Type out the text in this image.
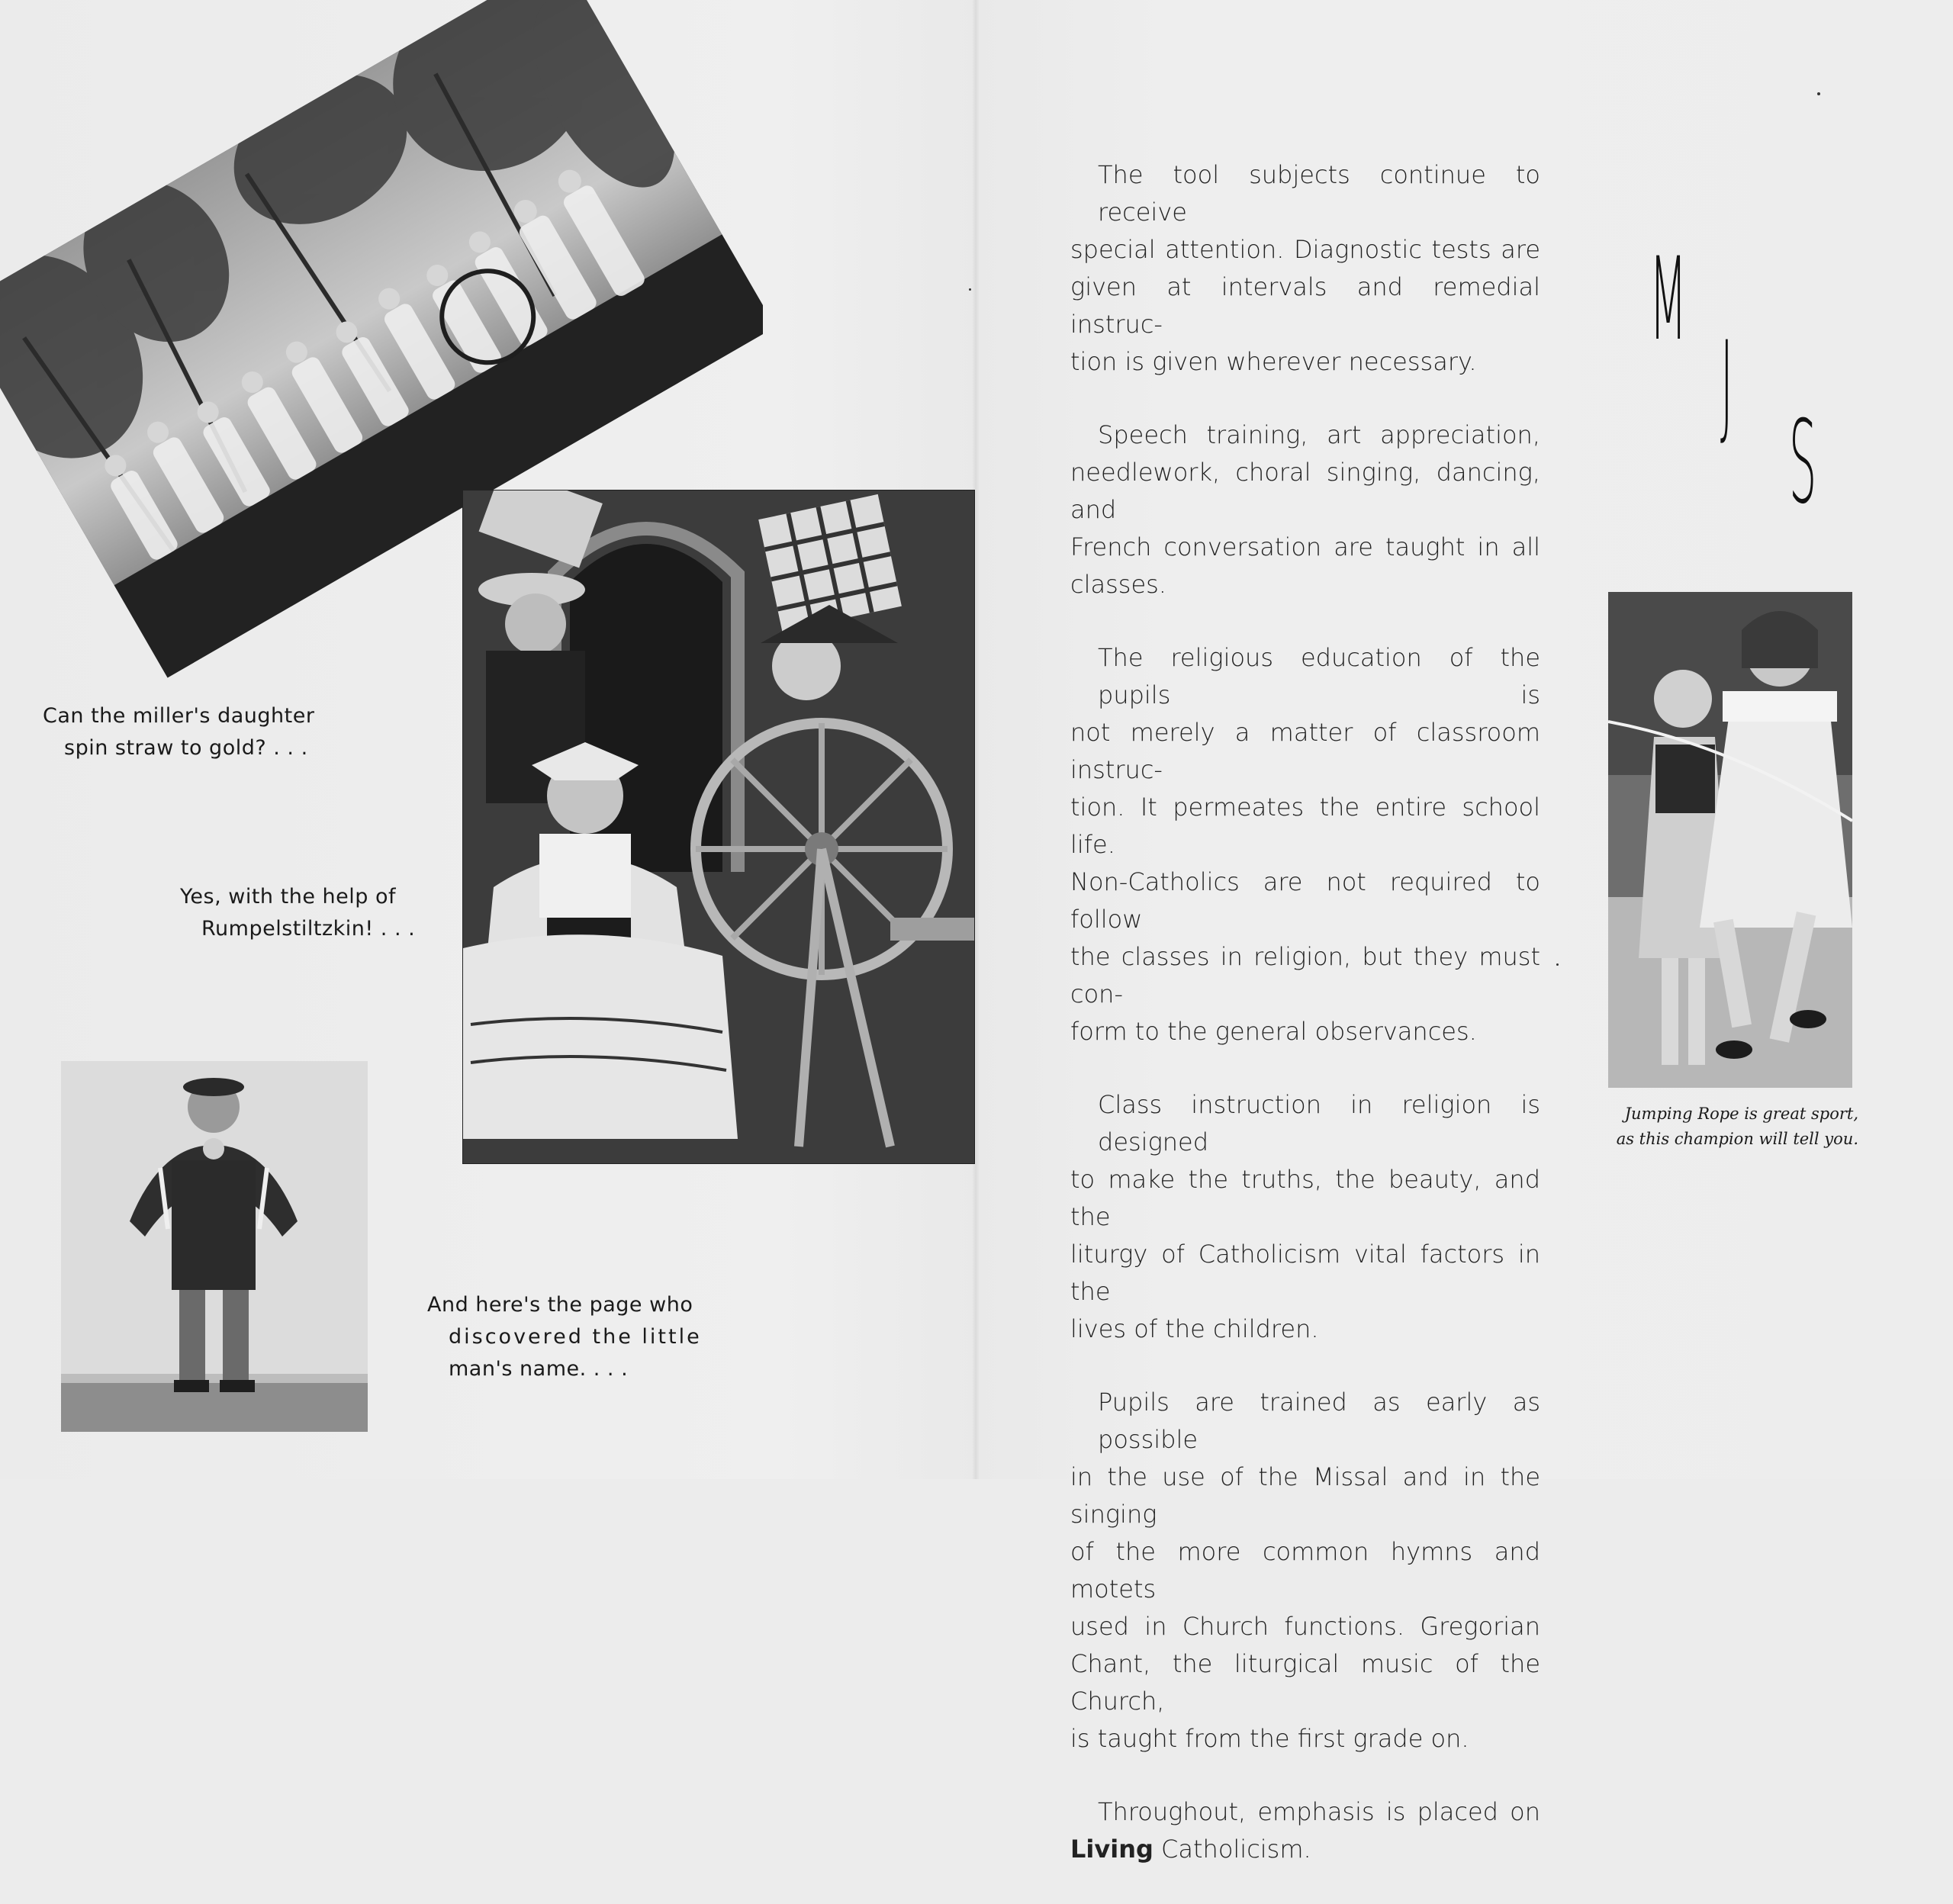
Can the miller's daughter
spin straw to gold? . . .
Yes, with the help of
Rumpelstiltzkin! . . .
And here's the page who
discovered the little
man's name. . . .
Jumping Rope is great sport,
as this champion will tell you.
M
J
S

The tool subjects continue to receive
special attention. Diagnostic tests are
given at intervals and remedial instruc-
tion is given wherever necessary.

Speech training, art appreciation,
needlework, choral singing, dancing, and
French conversation are taught in all
classes.

The religious education of the pupils is
not merely a matter of classroom instruc-
tion. It permeates the entire school life.
Non-Catholics are not required to follow
the classes in religion, but they must con-
form to the general observances.

Class instruction in religion is designed
to make the truths, the beauty, and the
liturgy of Catholicism vital factors in the
lives of the children.

Pupils are trained as early as possible
in the use of the Missal and in the singing
of the more common hymns and motets
used in Church functions. Gregorian
Chant, the liturgical music of the Church,
is taught from the first grade on.

Throughout, emphasis is placed on
Living Catholicism.
